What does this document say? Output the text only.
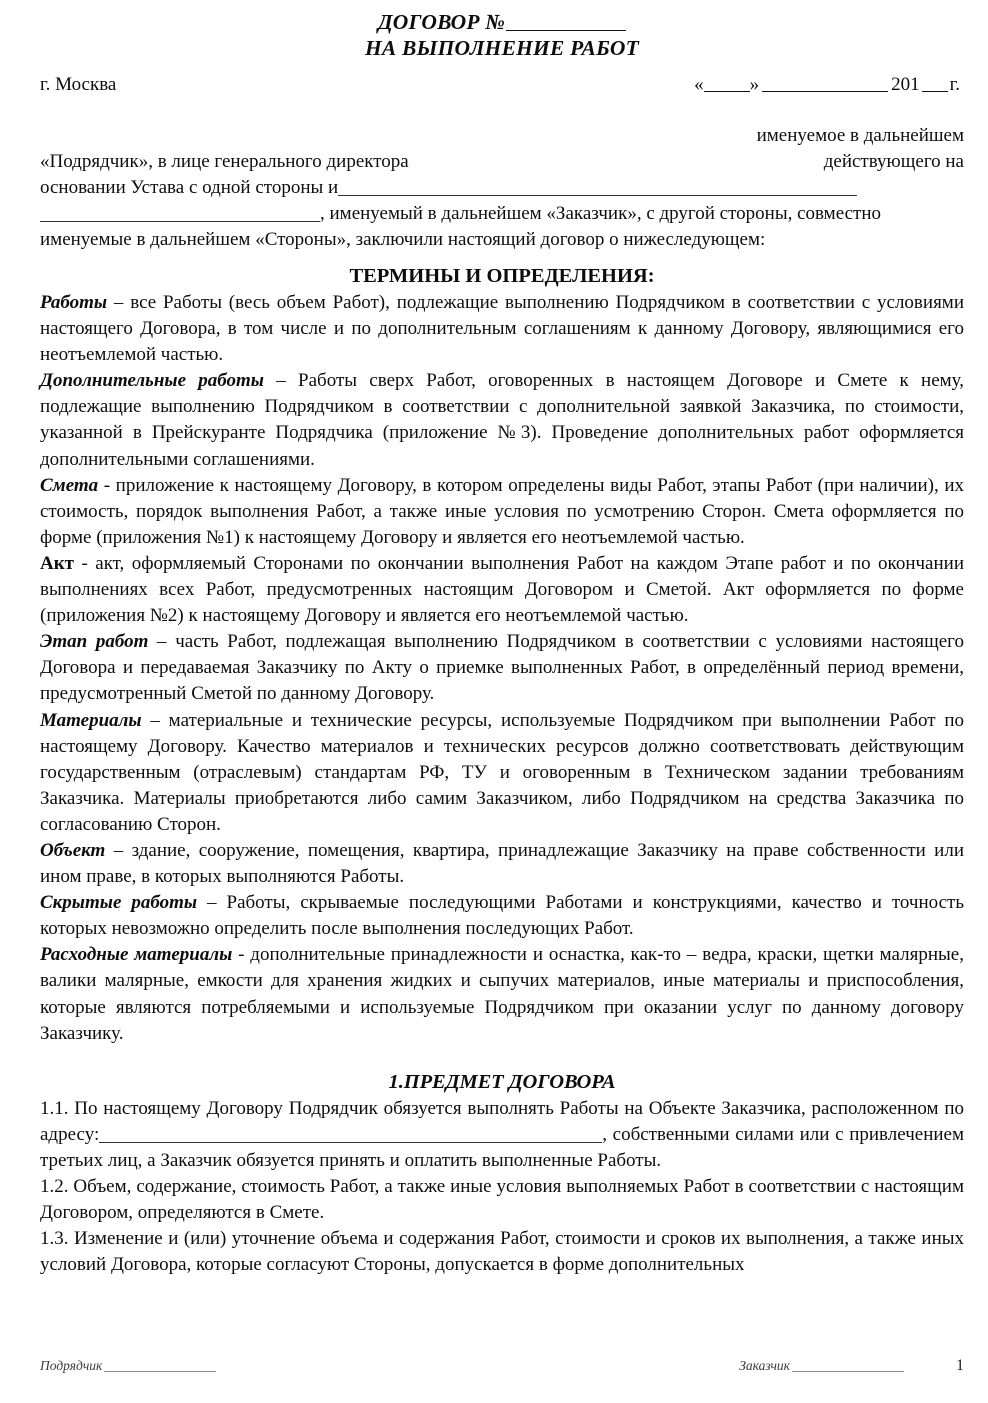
ДОГОВОР №
НА ВЫПОЛНЕНИЕ РАБОТ
г. Москва	« »	201 г.
именуемое в дальнейшем
«Подрядчик», в лице генерального директора	действующего на
основании Устава с одной стороны и
, именуемый в дальнейшем «Заказчик», с другой стороны, совместно
именуемые в дальнейшем «Стороны», заключили настоящий договор о нижеследующем:
ТЕРМИНЫ И ОПРЕДЕЛЕНИЯ:

Работы – все Работы (весь объем Работ), подлежащие выполнению Подрядчиком в соответствии с условиями настоящего Договора, в том числе и по дополнительным соглашениям к данному Договору, являющимися его неотъемлемой частью.

Дополнительные работы – Работы сверх Работ, оговоренных в настоящем Договоре и Смете к нему, подлежащие выполнению Подрядчиком в соответствии с дополнительной заявкой Заказчика, по стоимости, указанной в Прейскуранте Подрядчика (приложение №3). Проведение дополнительных работ оформляется дополнительными соглашениями.

Смета - приложение к настоящему Договору, в котором определены виды Работ, этапы Работ (при наличии), их стоимость, порядок выполнения Работ, а также иные условия по усмотрению Сторон. Смета оформляется по форме (приложения №1) к настоящему Договору и является его неотъемлемой частью.

Акт - акт, оформляемый Сторонами по окончании выполнения Работ на каждом Этапе работ и по окончании выполнениях всех Работ, предусмотренных настоящим Договором и Сметой. Акт оформляется по форме (приложения №2) к настоящему Договору и является его неотъемлемой частью.

Этап работ – часть Работ, подлежащая выполнению Подрядчиком в соответствии с условиями настоящего Договора и передаваемая Заказчику по Акту о приемке выполненных Работ, в определённый период времени, предусмотренный Сметой по данному Договору.

Материалы – материальные и технические ресурсы, используемые Подрядчиком при выполнении Работ по настоящему Договору. Качество материалов и технических ресурсов должно соответствовать действующим государственным (отраслевым) стандартам РФ, ТУ и оговоренным в Техническом задании требованиям Заказчика. Материалы приобретаются либо самим Заказчиком, либо Подрядчиком на средства Заказчика по согласованию Сторон.

Объект – здание, сооружение, помещения, квартира, принадлежащие Заказчику на праве собственности или ином праве, в которых выполняются Работы.

Скрытые работы – Работы, скрываемые последующими Работами и конструкциями, качество и точность которых невозможно определить после выполнения последующих Работ.

Расходные материалы - дополнительные принадлежности и оснастка, как-то – ведра, краски, щетки малярные, валики малярные, емкости для хранения жидких и сыпучих материалов, иные материалы и приспособления, которые являются потребляемыми и используемые Подрядчиком при оказании услуг по данному договору Заказчику.

1.ПРЕДМЕТ ДОГОВОРА

1.1. По настоящему Договору Подрядчик обязуется выполнять Работы на Объекте Заказчика, расположенном по адресу:	, собственными силами или с привлечением третьих лиц, а Заказчик обязуется принять и оплатить выполненные Работы.

1.2. Объем, содержание, стоимость Работ, а также иные условия выполняемых Работ в соответствии с настоящим Договором, определяются в Смете.

1.3. Изменение и (или) уточнение объема и содержания Работ, стоимости и сроков их выполнения, а также иных условий Договора, которые согласуют Стороны, допускается в форме дополнительных

Подрядчик	Заказчик	1
